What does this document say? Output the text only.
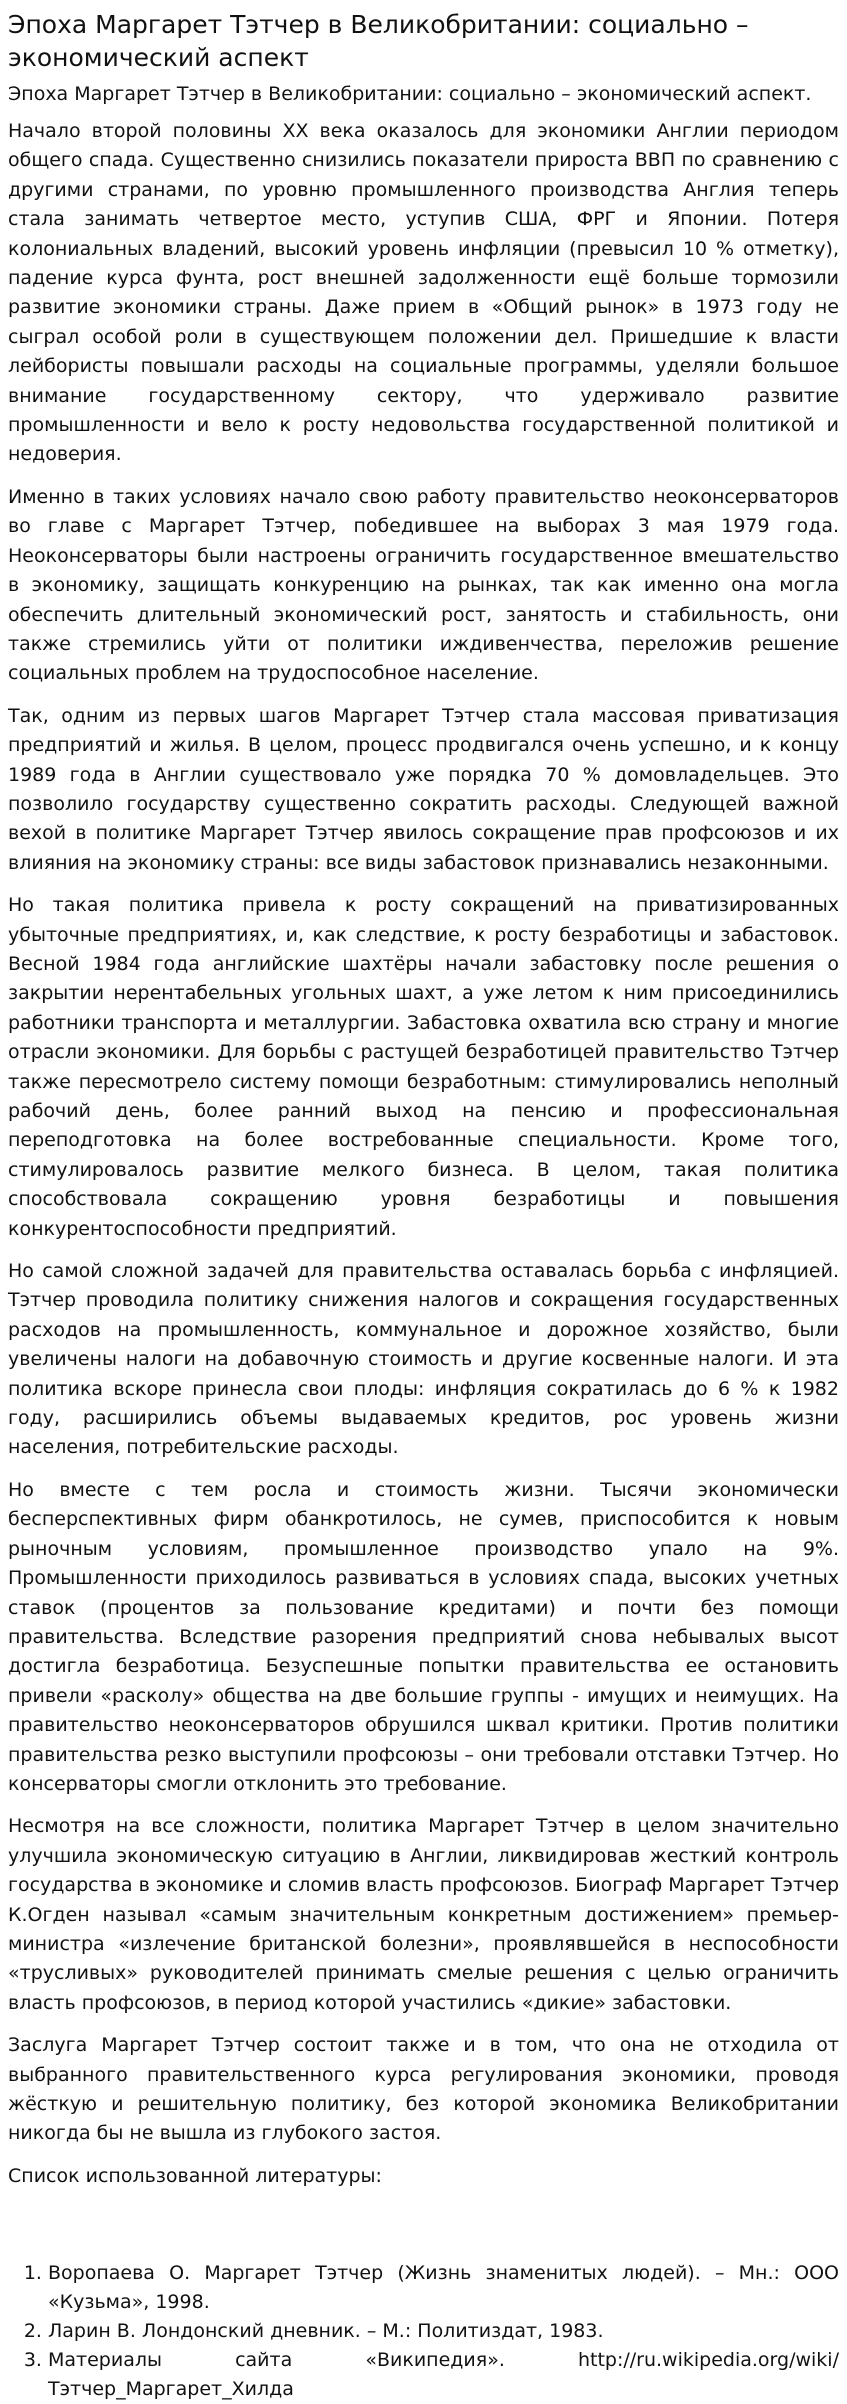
Эпоха Маргарет Тэтчер в Великобритании: социально – экономический аспект
Эпоха Маргарет Тэтчер в Великобритании: социально – экономический аспект.

Начало второй половины XX века оказалось для экономики Англии периодом общего спада. Существенно снизились показатели прироста ВВП по сравнению с другими странами, по уровню промышленного производства Англия теперь стала занимать четвертое место, уступив США, ФРГ и Японии. Потеря колониальных владений, высокий уровень инфляции (превысил 10 % отметку), падение курса фунта, рост внешней задолженности ещё больше тормозили развитие экономики страны. Даже прием в «Общий рынок» в 1973 году не сыграл особой роли в существующем положении дел. Пришедшие к власти лейбористы повышали расходы на социальные программы, уделяли большое внимание государственному сектору, что удерживало развитие промышленности и вело к росту недовольства государственной политикой и недоверия.

Именно в таких условиях начало свою работу правительство неоконсерваторов во главе с Маргарет Тэтчер, победившее на выборах 3 мая 1979 года. Неоконсерваторы были настроены ограничить государственное вмешательство в экономику, защищать конкуренцию на рынках, так как именно она могла обеспечить длительный экономический рост, занятость и стабильность, они также стремились уйти от политики иждивенчества, переложив решение социальных проблем на трудоспособное население.

Так, одним из первых шагов Маргарет Тэтчер стала массовая приватизация предприятий и жилья. В целом, процесс продвигался очень успешно, и к концу 1989 года в Англии существовало уже порядка 70 % домовладельцев. Это позволило государству существенно сократить расходы. Следующей важной вехой в политике Маргарет Тэтчер явилось сокращение прав профсоюзов и их влияния на экономику страны: все виды забастовок признавались незаконными.

Но такая политика привела к росту сокращений на приватизированных убыточные предприятиях, и, как следствие, к росту безработицы и забастовок. Весной 1984 года английские шахтёры начали забастовку после решения о закрытии нерентабельных угольных шахт, а уже летом к ним присоединились работники транспорта и металлургии. Забастовка охватила всю страну и многие отрасли экономики. Для борьбы с растущей безработицей правительство Тэтчер также пересмотрело систему помощи безработным: стимулировались неполный рабочий день, более ранний выход на пенсию и профессиональная переподготовка на более востребованные специальности. Кроме того, стимулировалось развитие мелкого бизнеса. В целом, такая политика способствовала сокращению уровня безработицы и повышения конкурентоспособности предприятий.

Но самой сложной задачей для правительства оставалась борьба с инфляцией. Тэтчер проводила политику снижения налогов и сокращения государственных расходов на промышленность, коммунальное и дорожное хозяйство, были увеличены налоги на добавочную стоимость и другие косвенные налоги. И эта политика вскоре принесла свои плоды: инфляция сократилась до 6 % к 1982 году, расширились объемы выдаваемых кредитов, рос уровень жизни населения, потребительские расходы.

Но вместе с тем росла и стоимость жизни. Тысячи экономически бесперспективных фирм обанкротилось, не сумев, приспособится к новым рыночным условиям, промышленное производство упало на 9%. Промышленности приходилось развиваться в условиях спада, высоких учетных ставок (процентов за пользование кредитами) и почти без помощи правительства. Вследствие разорения предприятий снова небывалых высот достигла безработица. Безуспешные попытки правительства ее остановить привели «расколу» общества на две большие группы - имущих и неимущих. На правительство неоконсерваторов обрушился шквал критики. Против политики правительства резко выступили профсоюзы – они требовали отставки Тэтчер. Но консерваторы смогли отклонить это требование.

Несмотря на все сложности, политика Маргарет Тэтчер в целом значительно улучшила экономическую ситуацию в Англии, ликвидировав жесткий контроль государства в экономике и сломив власть профсоюзов. Биограф Маргарет Тэтчер К.Огден называл «самым значительным конкретным достижением» премьер-министра «излечение британской болезни», проявлявшейся в неспособности «трусливых» руководителей принимать смелые решения с целью ограничить власть профсоюзов, в период которой участились «дикие» забастовки.

Заслуга Маргарет Тэтчер состоит также и в том, что она не отходила от выбранного правительственного курса регулирования экономики, проводя жёсткую и решительную политику, без которой экономика Великобритании никогда бы не вышла из глубокого застоя.

Список использованной литературы:
1. Воропаева О. Маргарет Тэтчер (Жизнь знаменитых людей). – Мн.: ООО «Кузьма», 1998.
2. Ларин В. Лондонский дневник. – М.: Политиздат, 1983.
3. Материалы сайта «Википедия». http://ru.wikipedia.org/wiki/Тэтчер_Маргарет_Хилда
